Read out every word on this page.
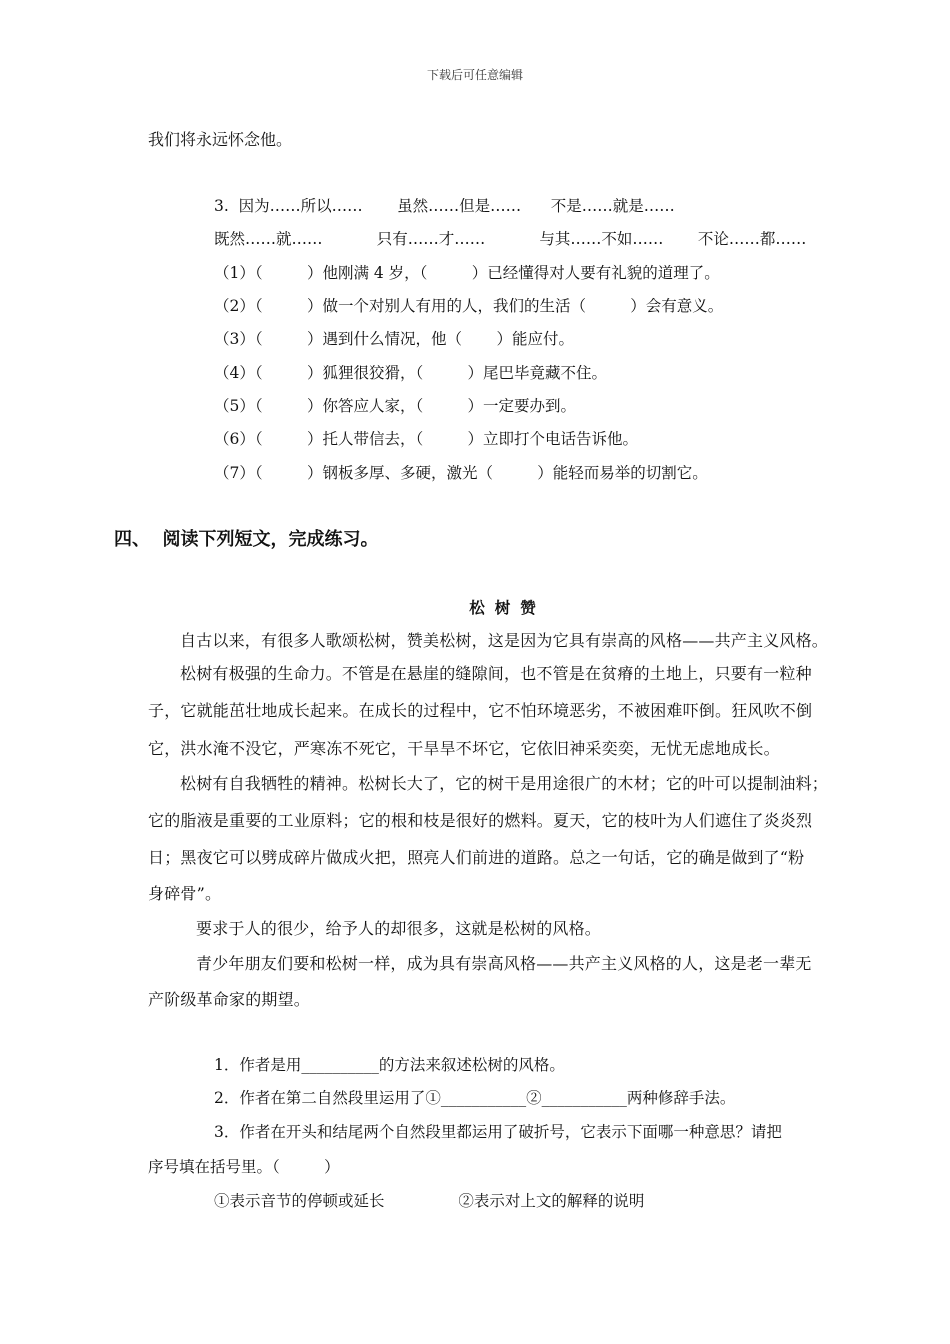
下载后可任意编辑
我们将永远怀念他。
3.  因为……所以……       虽然……但是……      不是……就是……
既然……就……           只有……才……           与其……不如……       不论……都……
（1）（         ）他刚满 4 岁，（         ）已经懂得对人要有礼貌的道理了。
（2）（         ）做一个对别人有用的人，我们的生活（         ）会有意义。
（3）（         ）遇到什么情况，他（       ）能应付。
（4）（         ）狐狸很狡猾，（         ）尾巴毕竟藏不住。
（5）（         ）你答应人家，（         ）一定要办到。
（6）（         ）托人带信去，（         ）立即打个电话告诉他。
（7）（         ）钢板多厚、多硬，激光（         ）能轻而易举的切割它。
四、  阅读下列短文，完成练习。
松树赞
自古以来，有很多人歌颂松树，赞美松树，这是因为它具有崇高的风格——共产主义风格。
松树有极强的生命力。不管是在悬崖的缝隙间，也不管是在贫瘠的土地上，只要有一粒种
子，它就能茁壮地成长起来。在成长的过程中，它不怕环境恶劣，不被困难吓倒。狂风吹不倒
它，洪水淹不没它，严寒冻不死它，干旱旱不坏它，它依旧神采奕奕，无忧无虑地成长。
松树有自我牺牲的精神。松树长大了，它的树干是用途很广的木材；它的叶可以提制油料；
它的脂液是重要的工业原料；它的根和枝是很好的燃料。夏天，它的枝叶为人们遮住了炎炎烈
日；黑夜它可以劈成碎片做成火把，照亮人们前进的道路。总之一句话，它的确是做到了“粉
身碎骨”。
要求于人的很少，给予人的却很多，这就是松树的风格。
青少年朋友们要和松树一样，成为具有崇高风格——共产主义风格的人，这是老一辈无
产阶级革命家的期望。
1．作者是用__________的方法来叙述松树的风格。
2．作者在第二自然段里运用了①___________②___________两种修辞手法。
3．作者在开头和结尾两个自然段里都运用了破折号，它表示下面哪一种意思？请把
序号填在括号里。（         ）
①表示音节的停顿或延长               ②表示对上文的解释的说明
